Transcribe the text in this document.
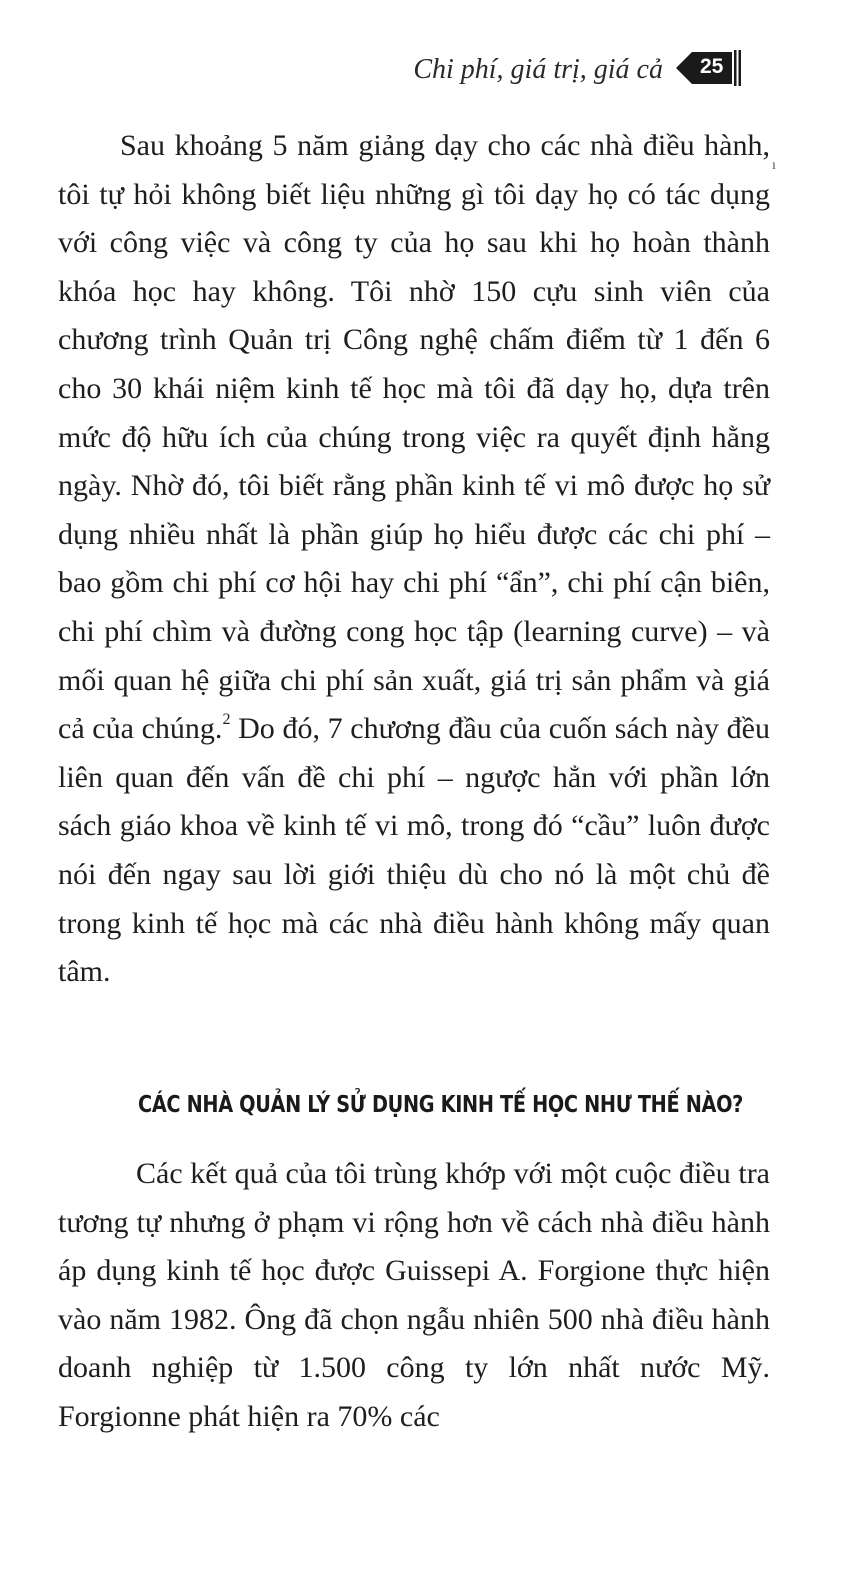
Chi phí, giá trị, giá cả 25
ı

Sau khoảng 5 năm giảng dạy cho các nhà điều hành, tôi tự hỏi không biết liệu những gì tôi dạy họ có tác dụng với công việc và công ty của họ sau khi họ hoàn thành khóa học hay không. Tôi nhờ 150 cựu sinh viên của chương trình Quản trị Công nghệ chấm điểm từ 1 đến 6 cho 30 khái niệm kinh tế học mà tôi đã dạy họ, dựa trên mức độ hữu ích của chúng trong việc ra quyết định hằng ngày. Nhờ đó, tôi biết rằng phần kinh tế vi mô được họ sử dụng nhiều nhất là phần giúp họ hiểu được các chi phí – bao gồm chi phí cơ hội hay chi phí “ẩn”, chi phí cận biên, chi phí chìm và đường cong học tập (learning curve) – và mối quan hệ giữa chi phí sản xuất, giá trị sản phẩm và giá cả của chúng.$^2$ Do đó, 7 chương đầu của cuốn sách này đều liên quan đến vấn đề chi phí – ngược hẳn với phần lớn sách giáo khoa về kinh tế vi mô, trong đó “cầu” luôn được nói đến ngay sau lời giới thiệu dù cho nó là một chủ đề trong kinh tế học mà các nhà điều hành không mấy quan tâm.

CÁC NHÀ QUẢN LÝ SỬ DỤNG KINH TẾ HỌC NHƯ THẾ NÀO?

Các kết quả của tôi trùng khớp với một cuộc điều tra tương tự nhưng ở phạm vi rộng hơn về cách nhà điều hành áp dụng kinh tế học được Guissepi A. Forgione thực hiện vào năm 1982. Ông đã chọn ngẫu nhiên 500 nhà điều hành doanh nghiệp từ 1.500 công ty lớn nhất nước Mỹ. Forgionne phát hiện ra 70% các
